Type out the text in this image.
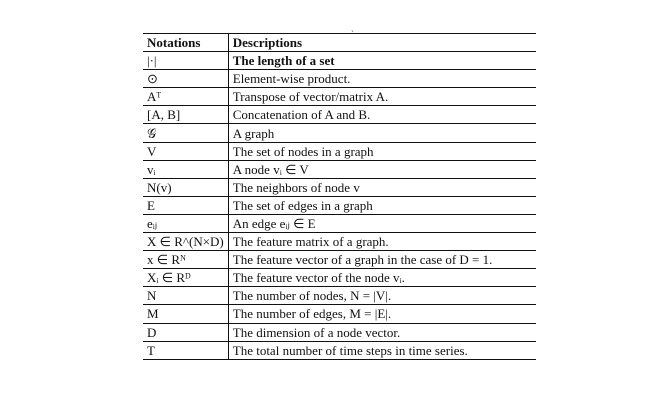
ˏ
Notations	Descriptions
|·|	The length of a set
⊙	Element-wise product.
Aᵀ	Transpose of vector/matrix A.
[A, B]	Concatenation of A and B.
𝒢	A graph
V	The set of nodes in a graph
vᵢ	A node vᵢ ∈ V
N(v)	The neighbors of node v
E	The set of edges in a graph
eᵢⱼ	An edge eᵢⱼ ∈ E
X ∈ R^(N×D)	The feature matrix of a graph.
x ∈ Rᴺ	The feature vector of a graph in the case of D = 1.
Xᵢ ∈ Rᴰ	The feature vector of the node vᵢ.
N	The number of nodes, N = |V|.
M	The number of edges, M = |E|.
D	The dimension of a node vector.
T	The total number of time steps in time series.
